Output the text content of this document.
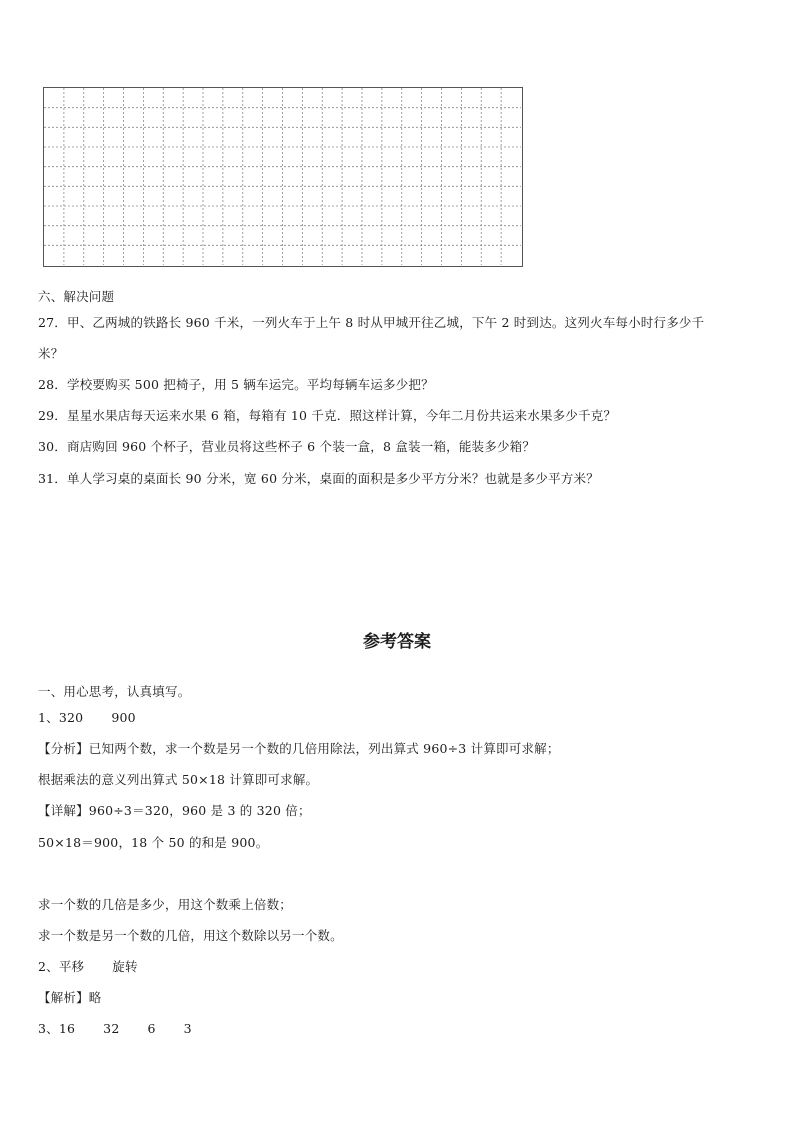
六、解决问题
27．甲、乙两城的铁路长 960 千米，一列火车于上午 8 时从甲城开往乙城，下午 2 时到达。这列火车每小时行多少千
米？
28．学校要购买 500 把椅子，用 5 辆车运完。平均每辆车运多少把？
29．星星水果店每天运来水果 6 箱，每箱有 10 千克．照这样计算，今年二月份共运来水果多少千克？
30．商店购回 960 个杯子，营业员将这些杯子 6 个装一盒，8 盒装一箱，能装多少箱？
31．单人学习桌的桌面长 90 分米，宽 60 分米，桌面的面积是多少平方分米？也就是多少平方米？
参考答案
一、用心思考，认真填写。
1、320 900
【分析】已知两个数，求一个数是另一个数的几倍用除法，列出算式 960÷3 计算即可求解；
根据乘法的意义列出算式 50×18 计算即可求解。
【详解】960÷3＝320，960 是 3 的 320 倍；
50×18＝900，18 个 50 的和是 900。
求一个数的几倍是多少，用这个数乘上倍数；
求一个数是另一个数的几倍，用这个数除以另一个数。
2、平移 旋转
【解析】略
3、16 32 6 3
